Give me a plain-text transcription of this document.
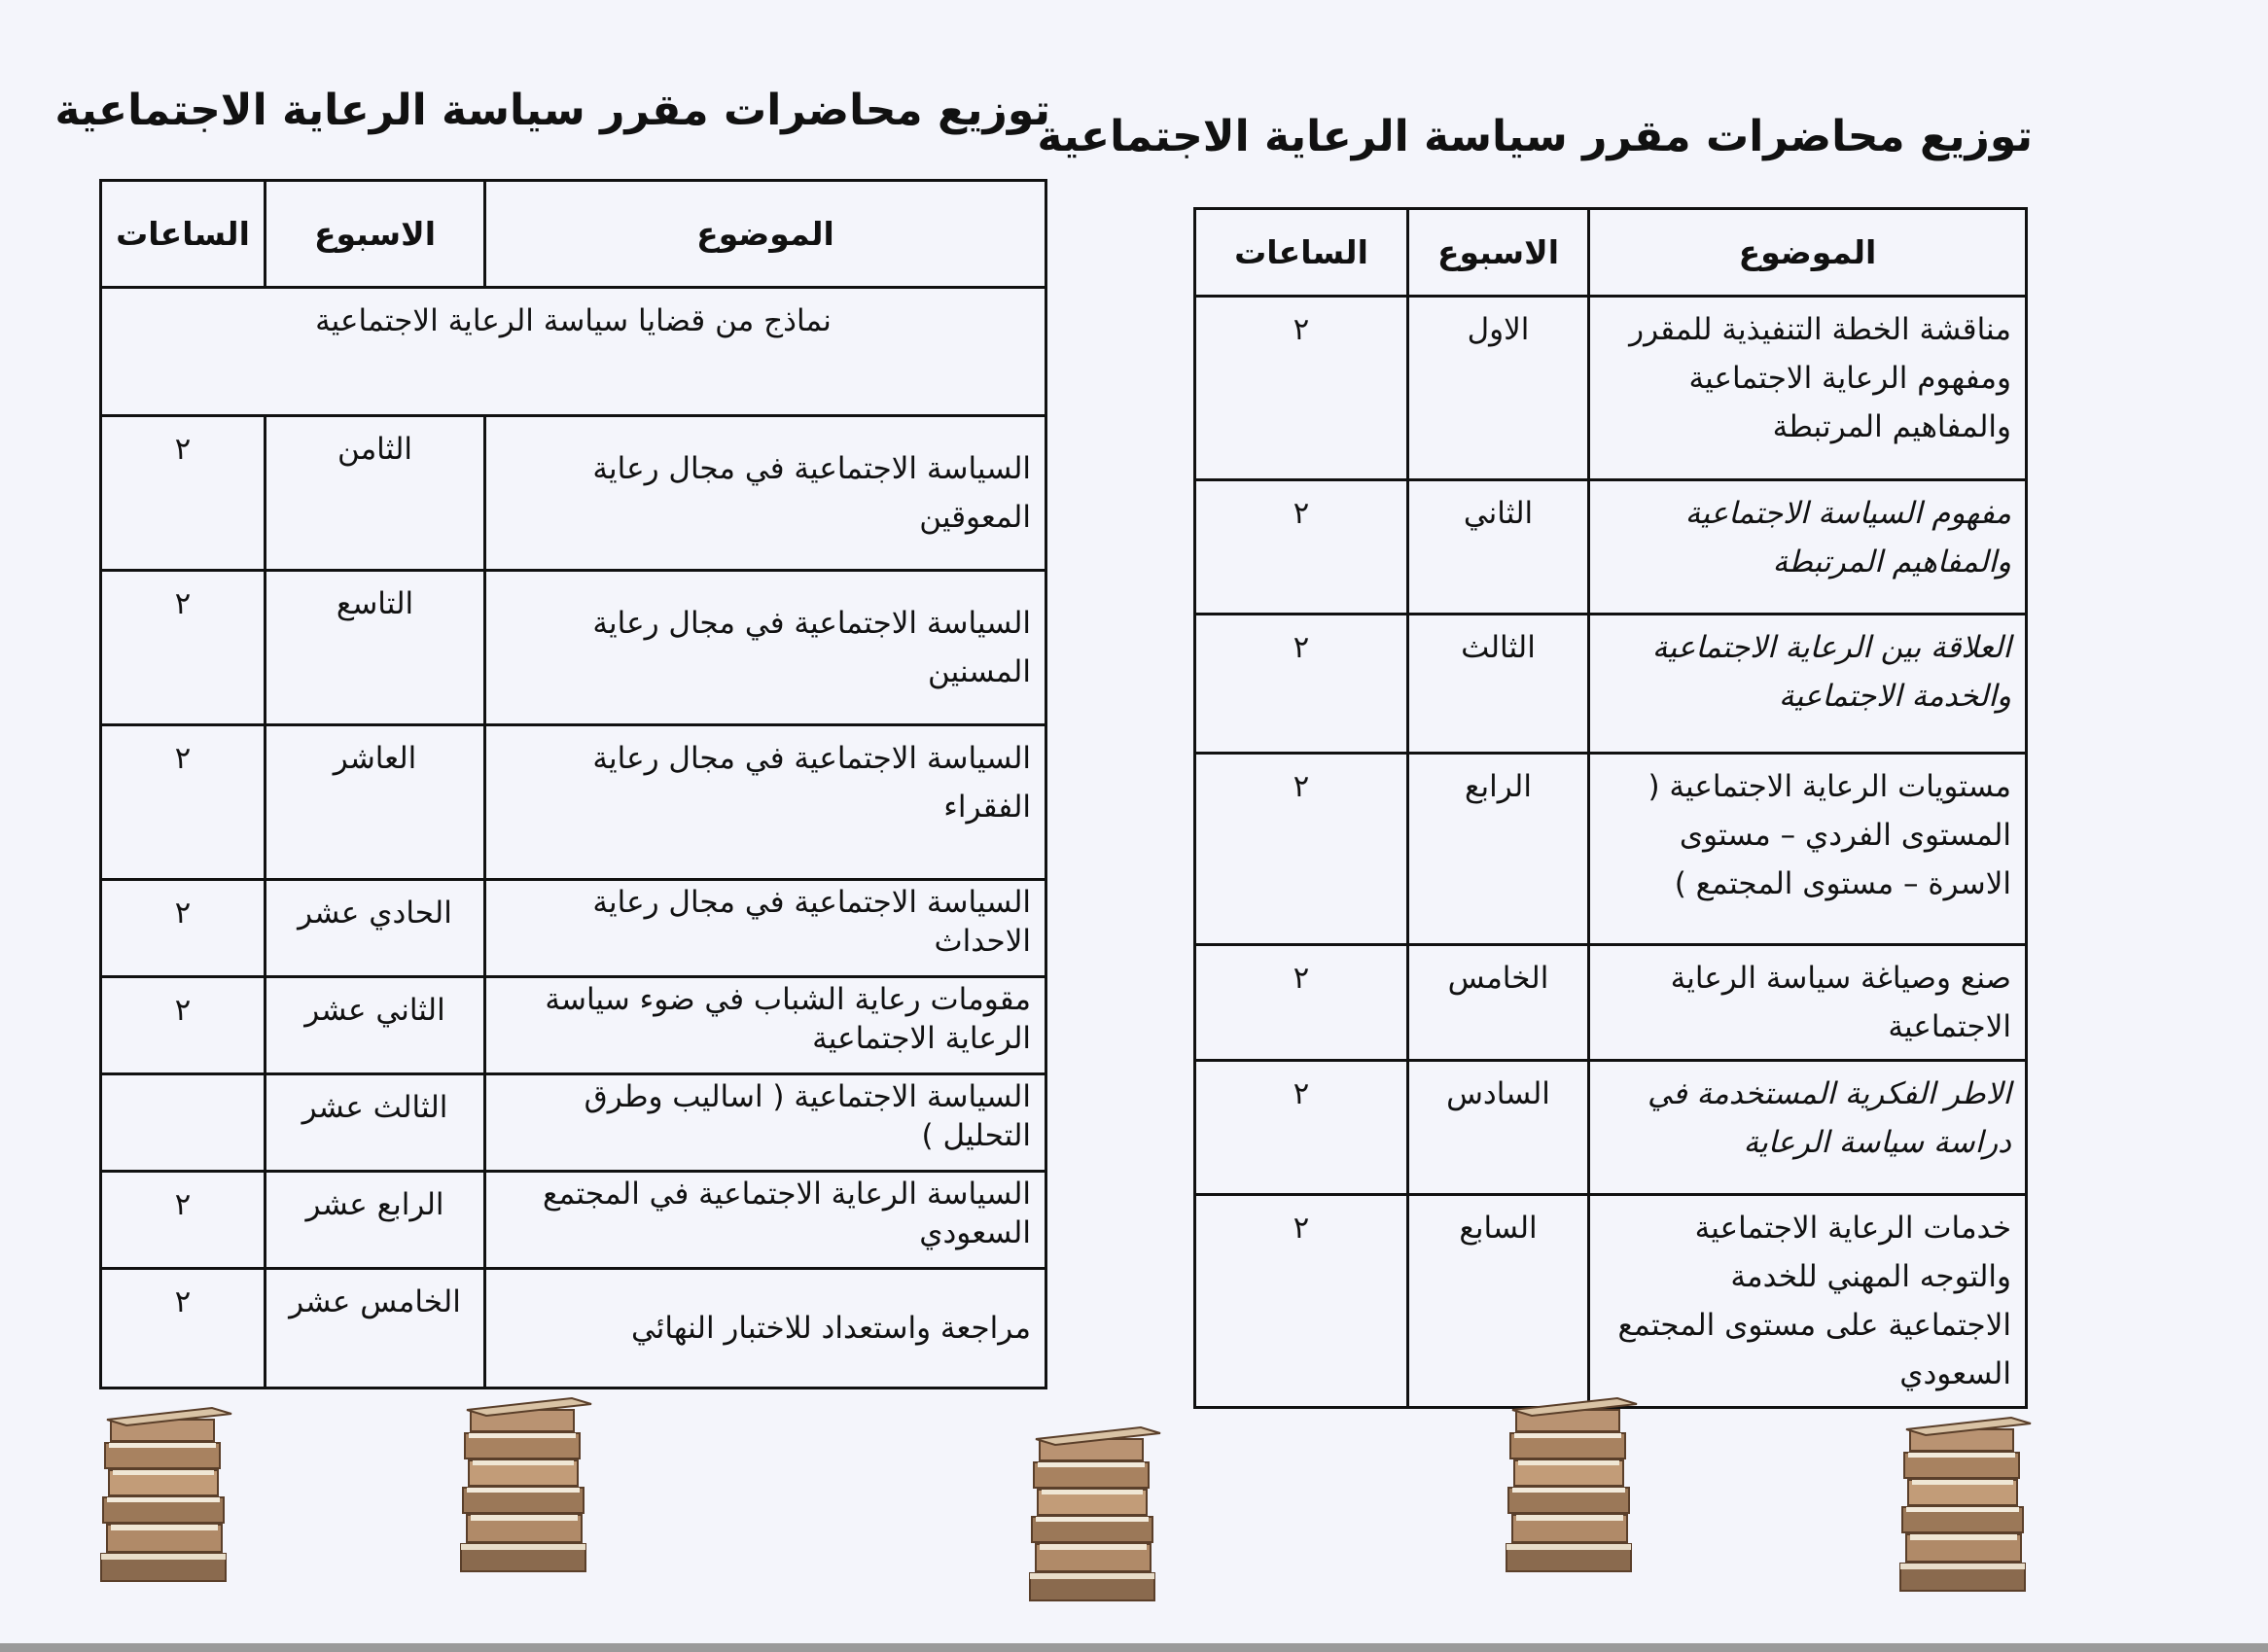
توزيع محاضرات مقرر سياسة الرعاية الاجتماعية
الموضوع	الاسبوع	الساعات
نماذج من قضايا سياسة الرعاية الاجتماعية		
السياسة الاجتماعية في مجال رعاية المعوقين	الثامن	٢
السياسة الاجتماعية في مجال رعاية المسنين	التاسع	٢
السياسة الاجتماعية في مجال رعاية الفقراء	العاشر	٢
السياسة الاجتماعية في مجال رعاية الاحداث	الحادي عشر	٢
مقومات رعاية الشباب في ضوء سياسة الرعاية الاجتماعية	الثاني عشر	٢
السياسة الاجتماعية ( اساليب وطرق التحليل )	الثالث عشر	
السياسة الرعاية الاجتماعية في المجتمع السعودي	الرابع عشر	٢
مراجعة واستعداد للاختبار النهائي	الخامس عشر	٢
توزيع محاضرات مقرر سياسة الرعاية الاجتماعية
الموضوع	الاسبوع	الساعات
مناقشة الخطة التنفيذية للمقرر ومفهوم الرعاية الاجتماعية والمفاهيم المرتبطة	الاول	٢
مفهوم السياسة الاجتماعية والمفاهيم المرتبطة	الثاني	٢
العلاقة بين الرعاية الاجتماعية والخدمة الاجتماعية	الثالث	٢
مستويات الرعاية الاجتماعية ( المستوى الفردي – مستوى الاسرة – مستوى المجتمع )	الرابع	٢
صنع وصياغة سياسة الرعاية الاجتماعية	الخامس	٢
الاطر الفكرية المستخدمة في دراسة سياسة الرعاية	السادس	٢
خدمات الرعاية الاجتماعية والتوجه المهني للخدمة الاجتماعية على مستوى المجتمع السعودي	السابع	٢
